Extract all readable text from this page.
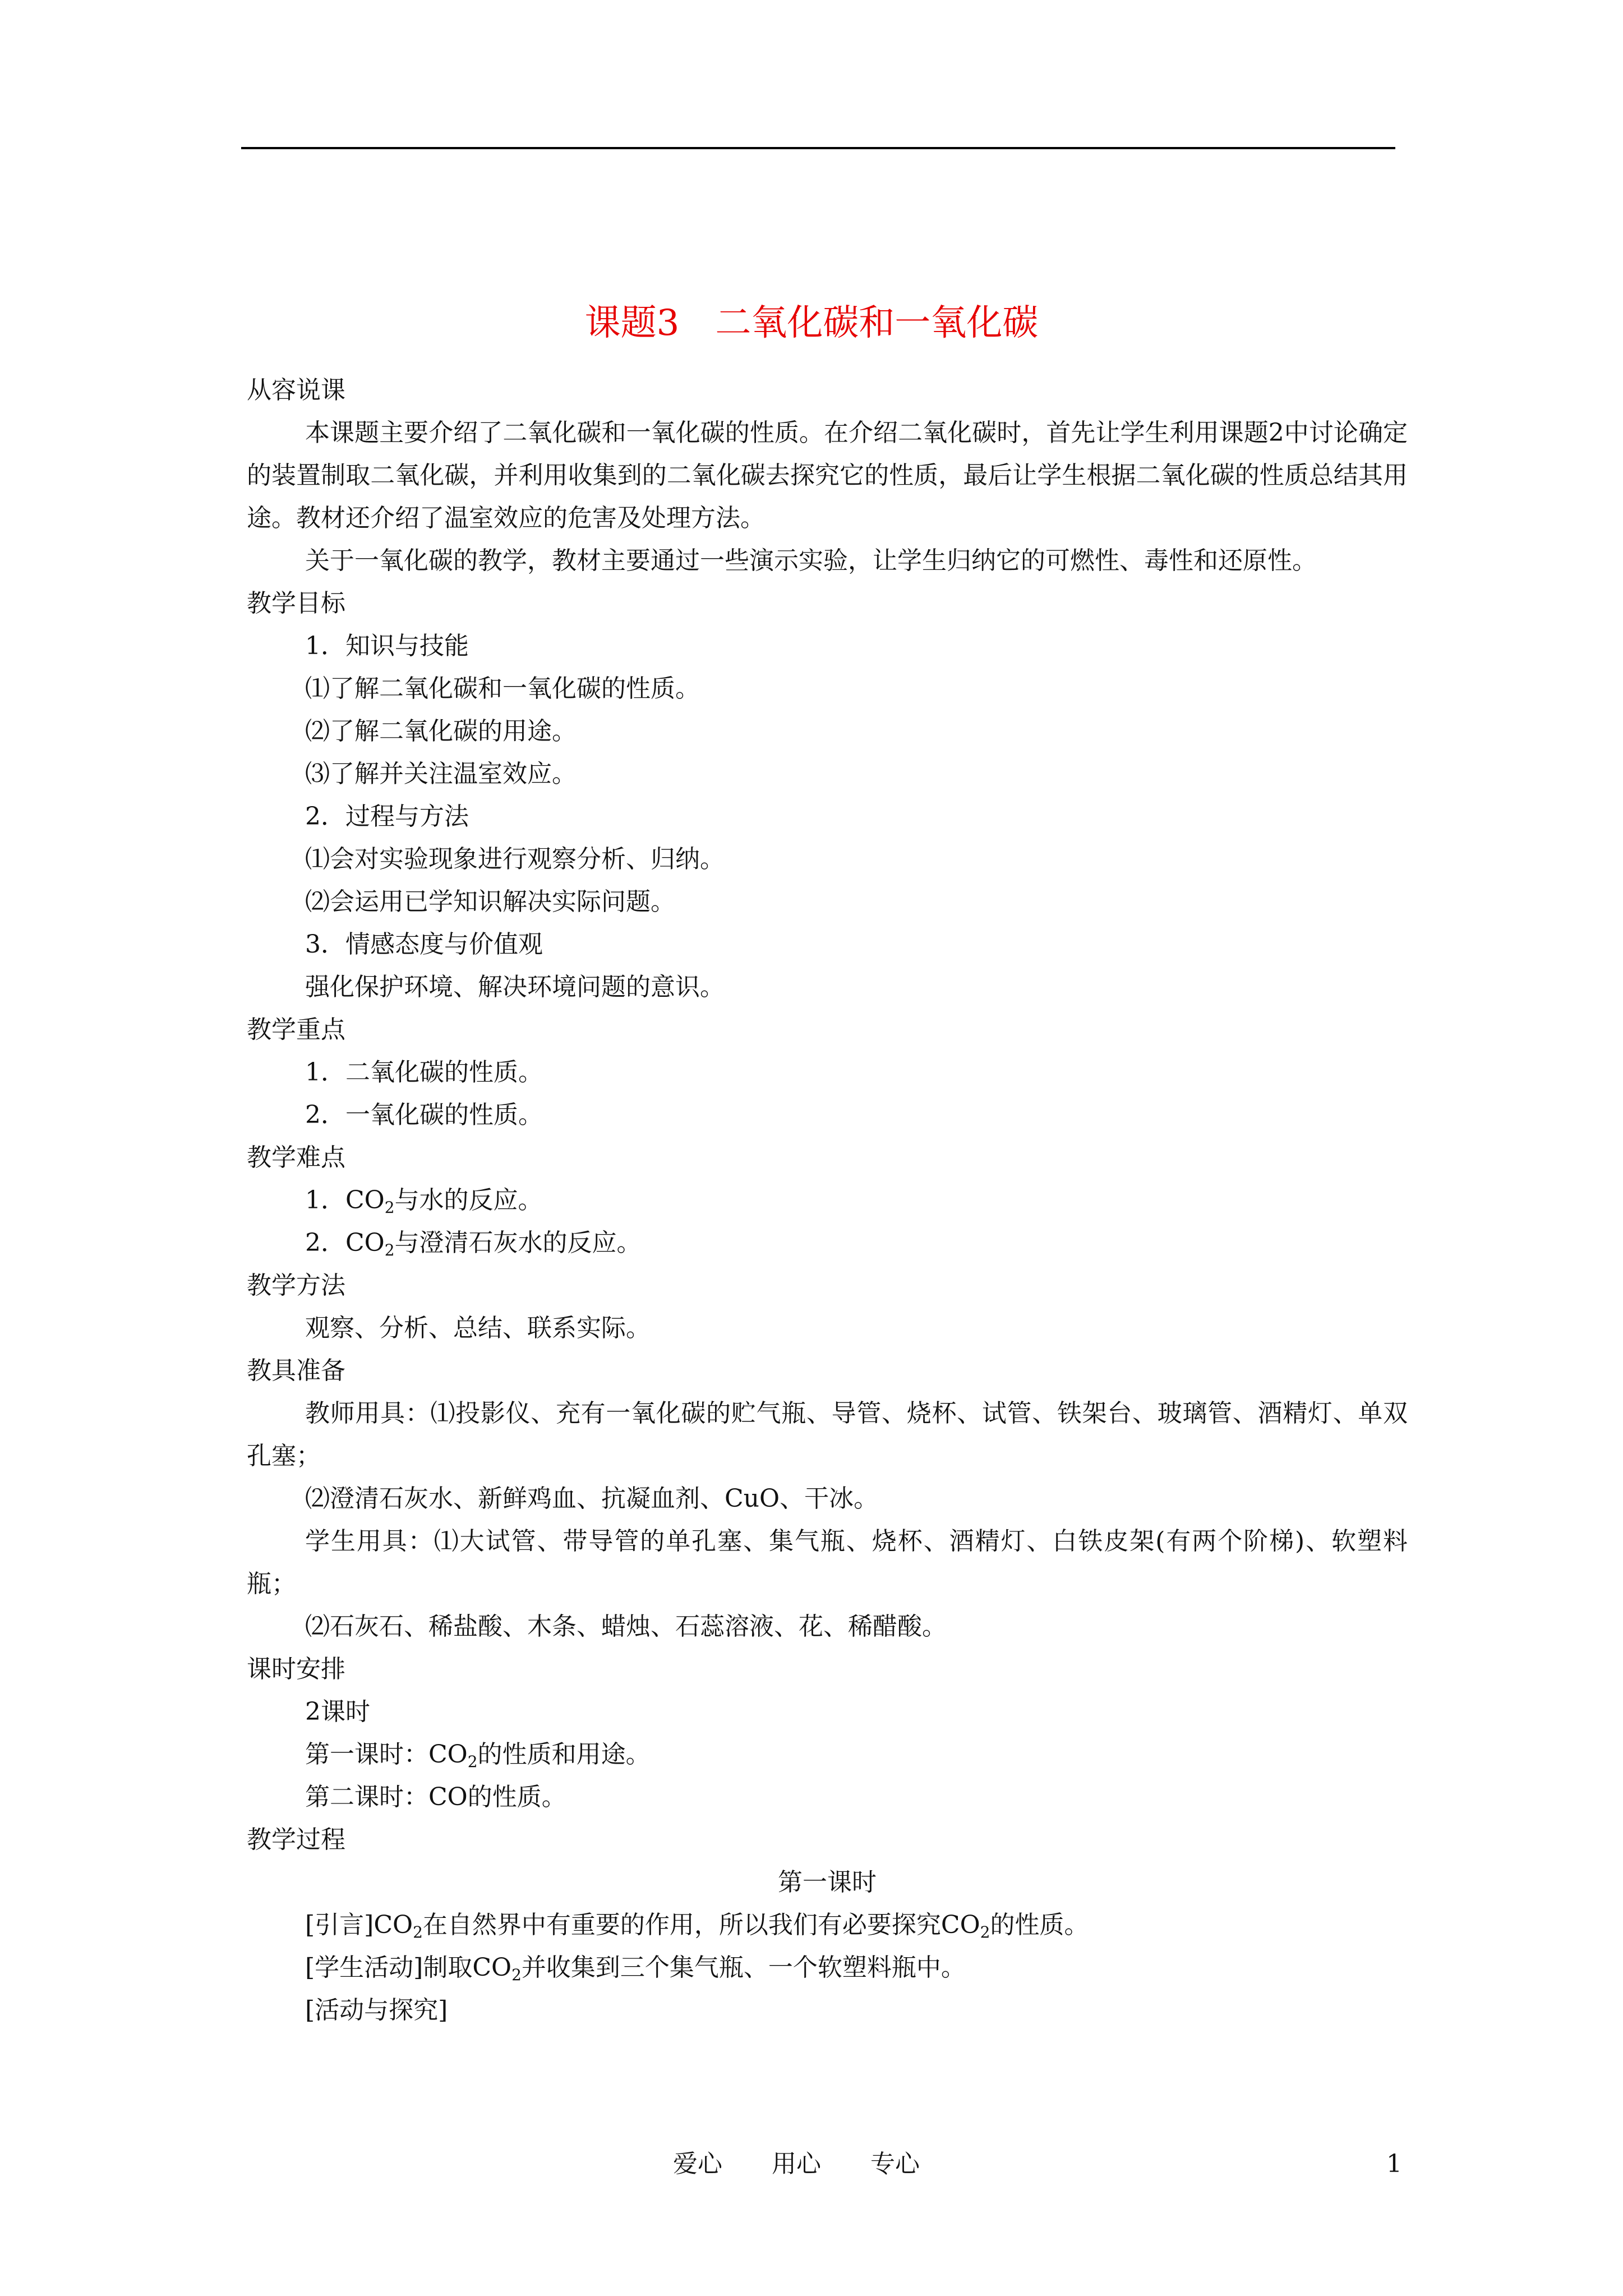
课题3　二氧化碳和一氧化碳

从容说课

本课题主要介绍了二氧化碳和一氧化碳的性质。在介绍二氧化碳时，首先让学生利用课题2中讨论确定的装置制取二氧化碳，并利用收集到的二氧化碳去探究它的性质，最后让学生根据二氧化碳的性质总结其用途。教材还介绍了温室效应的危害及处理方法。

关于一氧化碳的教学，教材主要通过一些演示实验，让学生归纳它的可燃性、毒性和还原性。

教学目标

1．知识与技能

⑴了解二氧化碳和一氧化碳的性质。

⑵了解二氧化碳的用途。

⑶了解并关注温室效应。

2．过程与方法

⑴会对实验现象进行观察分析、归纳。

⑵会运用已学知识解决实际问题。

3．情感态度与价值观

强化保护环境、解决环境问题的意识。

教学重点

1．二氧化碳的性质。

2．一氧化碳的性质。

教学难点

1．$CO_2$与水的反应。

2．$CO_2$与澄清石灰水的反应。

教学方法

观察、分析、总结、联系实际。

教具准备

教师用具：⑴投影仪、充有一氧化碳的贮气瓶、导管、烧杯、试管、铁架台、玻璃管、酒精灯、单双孔塞；

⑵澄清石灰水、新鲜鸡血、抗凝血剂、CuO、干冰。

学生用具：⑴大试管、带导管的单孔塞、集气瓶、烧杯、酒精灯、白铁皮架(有两个阶梯)、软塑料瓶；

⑵石灰石、稀盐酸、木条、蜡烛、石蕊溶液、花、稀醋酸。

课时安排

2课时

第一课时：$CO_2$的性质和用途。

第二课时：CO的性质。

教学过程

第一课时

[引言]$CO_2$在自然界中有重要的作用，所以我们有必要探究$CO_2$的性质。

[学生活动]制取$CO_2$并收集到三个集气瓶、一个软塑料瓶中。

[活动与探究]

爱心　　用心　　专心	1
